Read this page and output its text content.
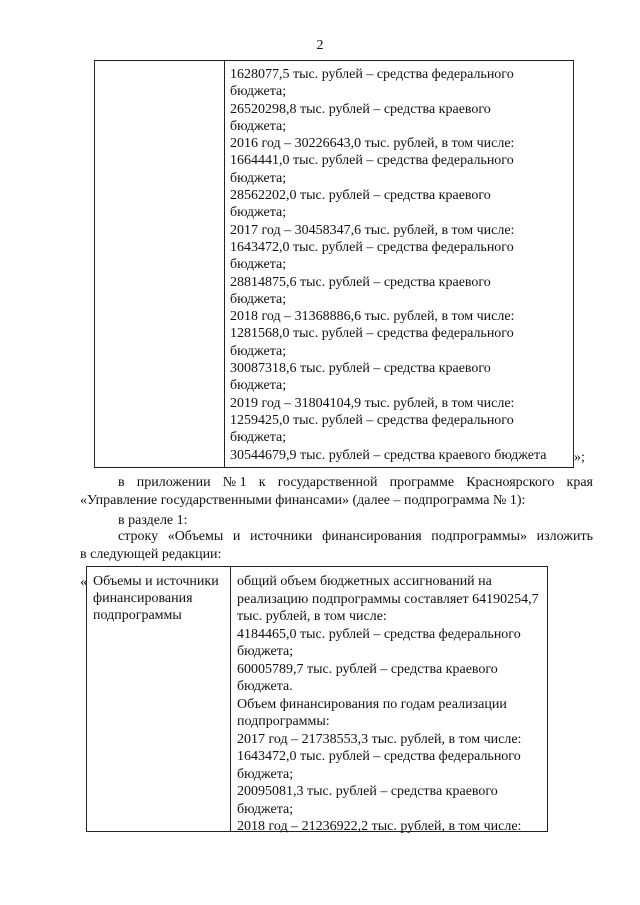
2
1628077,5 тыс. рублей – средства федерального
бюджета;
26520298,8 тыс. рублей – средства краевого
бюджета;
2016 год – 30226643,0 тыс. рублей, в том числе:
1664441,0 тыс. рублей – средства федерального
бюджета;
28562202,0 тыс. рублей – средства краевого
бюджета;
2017 год – 30458347,6 тыс. рублей, в том числе:
1643472,0 тыс. рублей – средства федерального
бюджета;
28814875,6 тыс. рублей – средства краевого
бюджета;
2018 год – 31368886,6 тыс. рублей, в том числе:
1281568,0 тыс. рублей – средства федерального
бюджета;
30087318,6 тыс. рублей – средства краевого
бюджета;
2019 год – 31804104,9 тыс. рублей, в том числе:
1259425,0 тыс. рублей – средства федерального
бюджета;
30544679,9 тыс. рублей – средства краевого бюджета	»;
в приложении № 1 к государственной программе Красноярского края
«Управление государственными финансами» (далее – подпрограмма № 1):
в разделе 1:
строку «Объемы и источники финансирования подпрограммы» изложить
в следующей редакции:
« Объемы и источники
финансирования
подпрограммы
общий объем бюджетных ассигнований на
реализацию подпрограммы составляет 64190254,7
тыс. рублей, в том числе:
4184465,0 тыс. рублей – средства федерального
бюджета;
60005789,7 тыс. рублей – средства краевого
бюджета.
Объем финансирования по годам реализации
подпрограммы:
2017 год – 21738553,3 тыс. рублей, в том числе:
1643472,0 тыс. рублей – средства федерального
бюджета;
20095081,3 тыс. рублей – средства краевого
бюджета;
2018 год – 21236922,2 тыс. рублей, в том числе:
